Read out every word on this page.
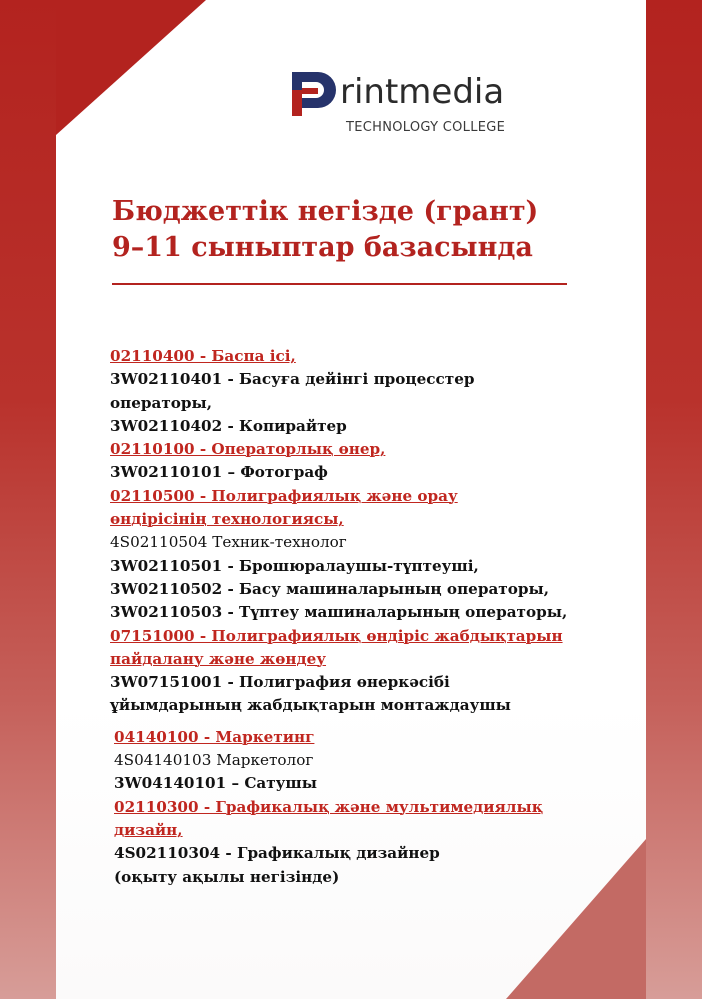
rintmedia
TECHNOLOGY COLLEGE
Бюджеттік негізде (грант)
9–11 сыныптар базасында
02110400 - Баспа ісі,
3W02110401 - Басуға дейінгі процесстер
операторы,
3W02110402 - Копирайтер
02110100 - Операторлық өнер,
3W02110101 – Фотограф
02110500 - Полиграфиялық және орау
өндірісінің технологиясы,
4S02110504 Техник-технолог
3W02110501 - Брошюралаушы-түптеуші,
3W02110502 - Басу машиналарының операторы,
3W02110503 - Түптеу машиналарының операторы,
07151000 - Полиграфиялық өндіріс жабдықтарын
пайдалану және жөндеу
3W07151001 - Полиграфия өнеркәсібі
ұйымдарының жабдықтарын монтаждаушы
04140100 - Маркетинг
4S04140103 Маркетолог
3W04140101 – Сатушы
02110300 - Графикалық және мультимедиялық
дизайн,
4S02110304 - Графикалық дизайнер
(оқыту ақылы негізінде)
